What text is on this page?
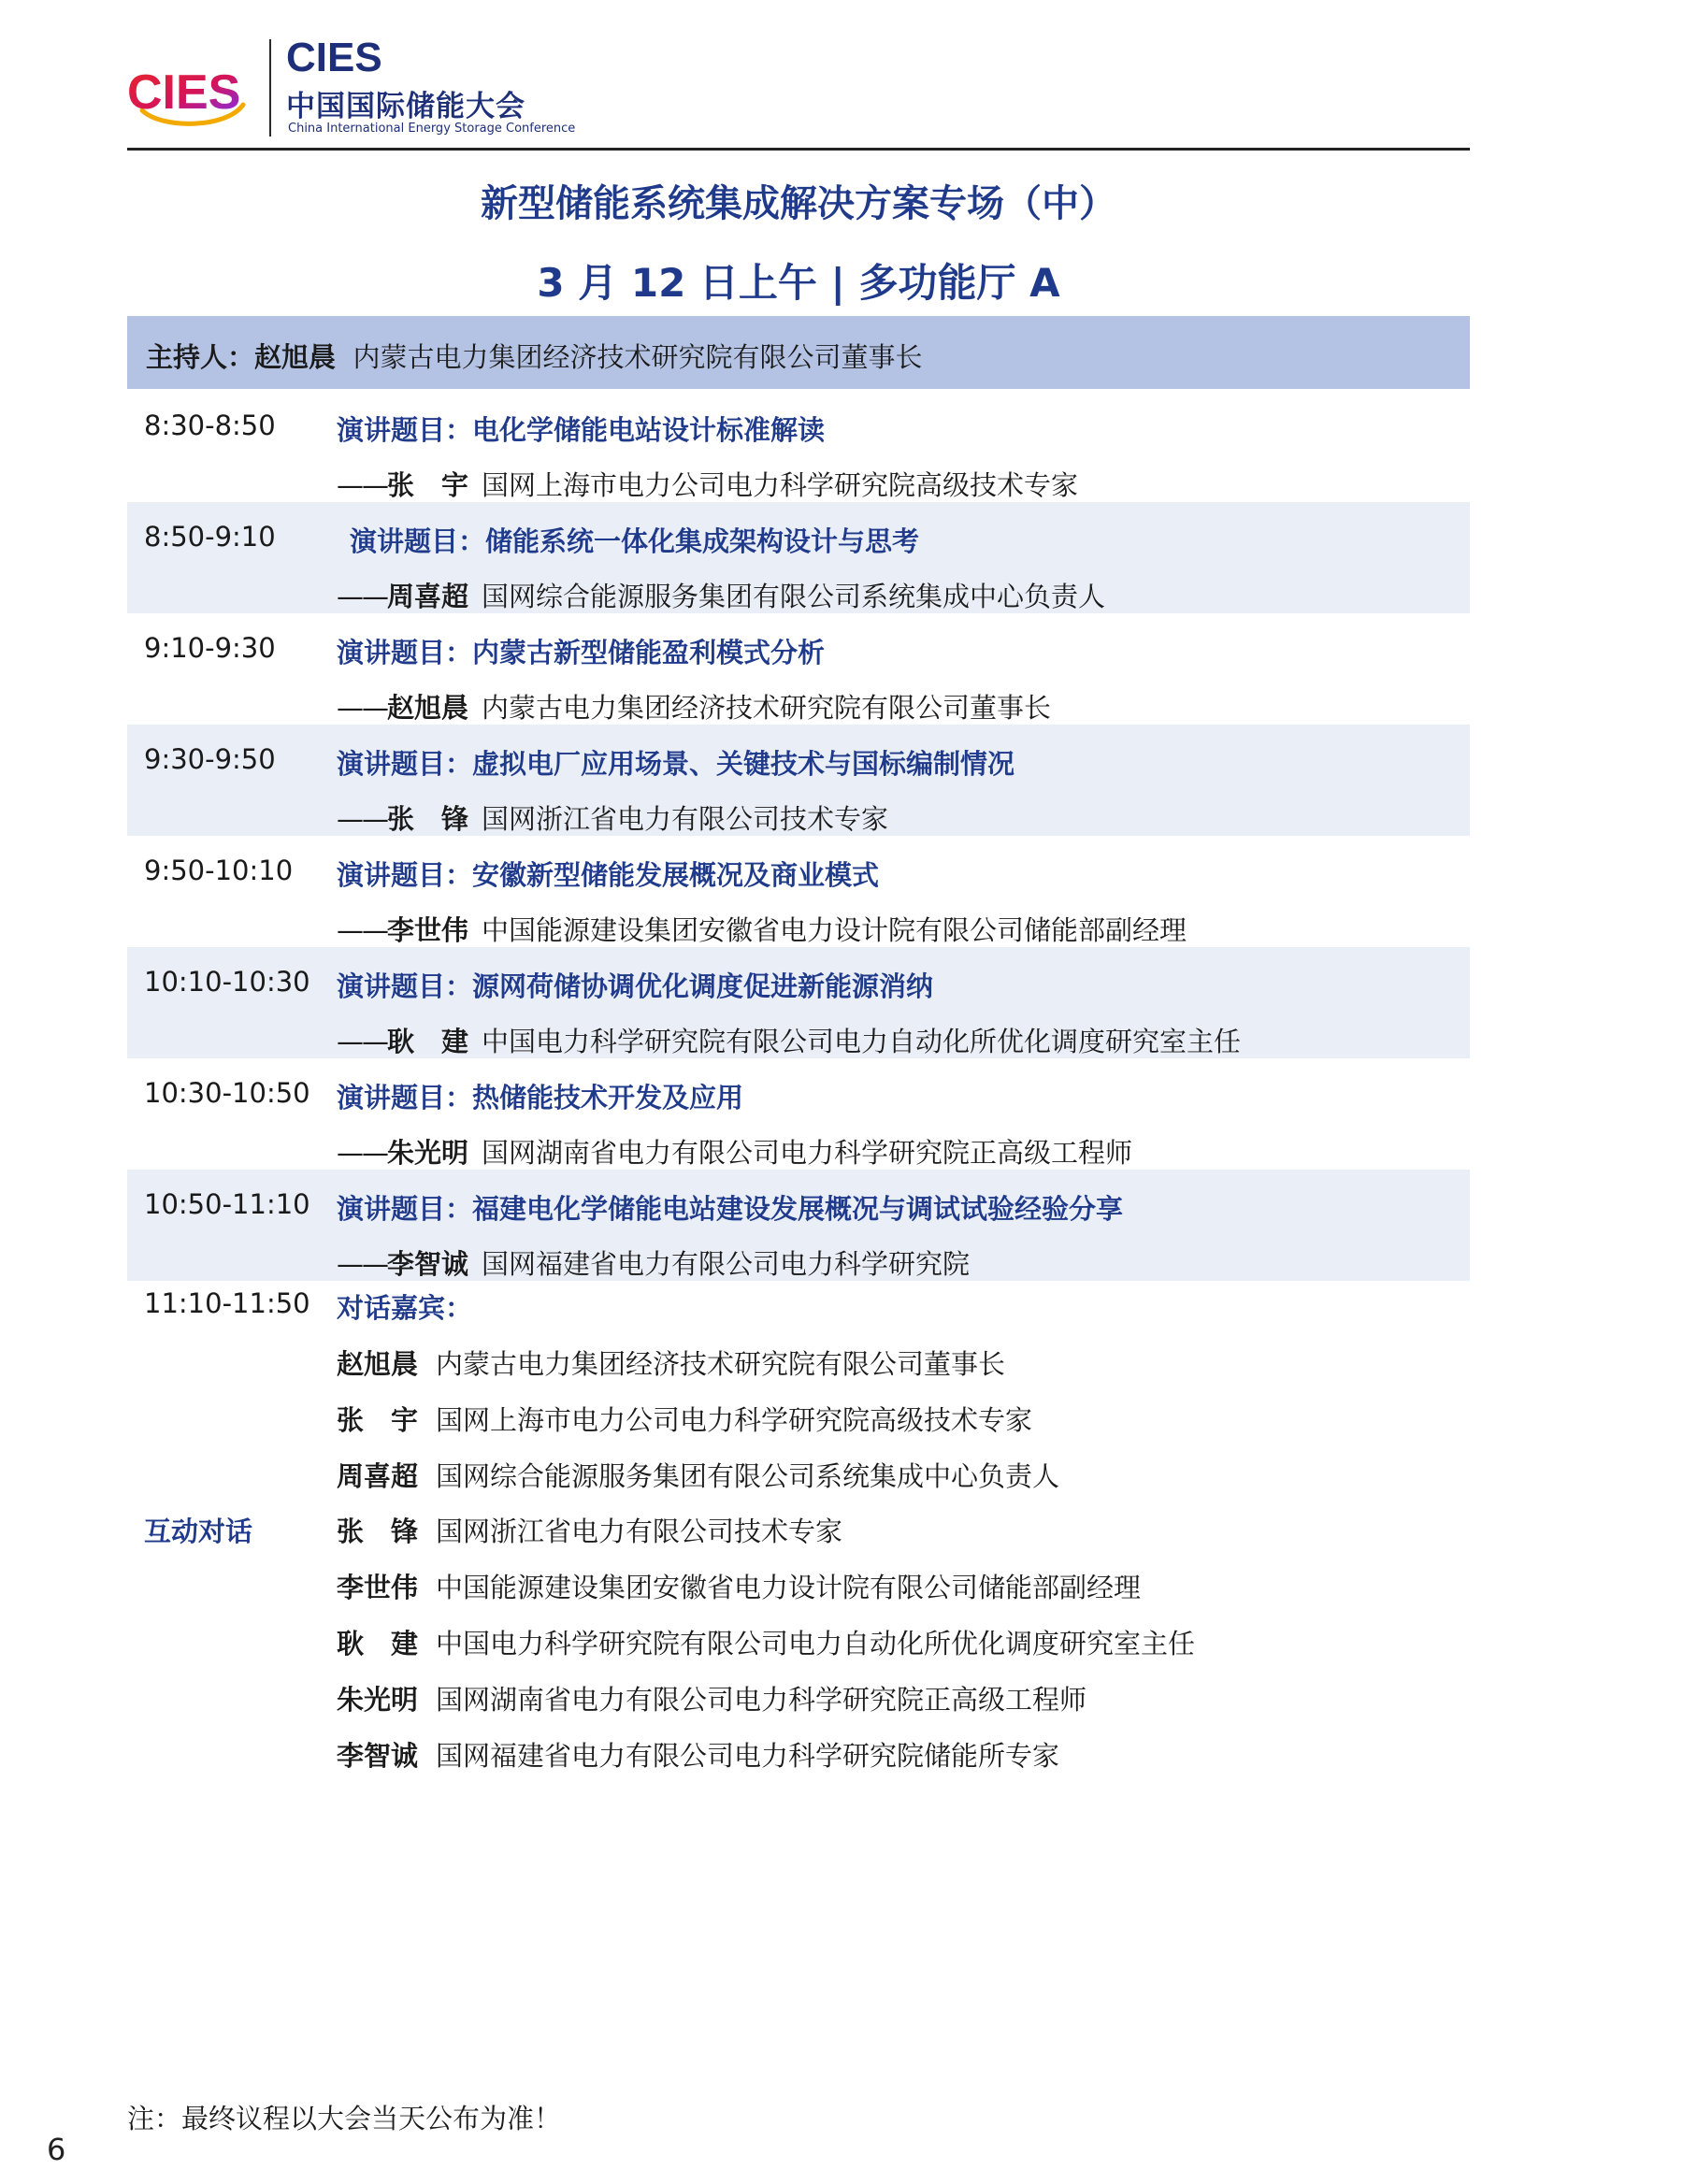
CIES
CIES
中国国际储能大会
China International Energy Storage Conference
新型储能系统集成解决方案专场（中）
3 月 12 日上午 | 多功能厅 A
主持人：赵旭晨 内蒙古电力集团经济技术研究院有限公司董事长
8:30-8:50 演讲题目：电化学储能电站设计标准解读
——张　宇 国网上海市电力公司电力科学研究院高级技术专家
8:50-9:10	演讲题目：储能系统一体化集成架构设计与思考
——周喜超 国网综合能源服务集团有限公司系统集成中心负责人
9:10-9:30 演讲题目：内蒙古新型储能盈利模式分析
——赵旭晨 内蒙古电力集团经济技术研究院有限公司董事长
9:30-9:50 演讲题目：虚拟电厂应用场景、关键技术与国标编制情况
——张　锋 国网浙江省电力有限公司技术专家
9:50-10:10 演讲题目：安徽新型储能发展概况及商业模式
——李世伟 中国能源建设集团安徽省电力设计院有限公司储能部副经理
10:10-10:30 演讲题目：源网荷储协调优化调度促进新能源消纳
——耿　建 中国电力科学研究院有限公司电力自动化所优化调度研究室主任
10:30-10:50 演讲题目：热储能技术开发及应用
——朱光明 国网湖南省电力有限公司电力科学研究院正高级工程师
10:50-11:10 演讲题目：福建电化学储能电站建设发展概况与调试试验经验分享
——李智诚 国网福建省电力有限公司电力科学研究院
11:10-11:50 对话嘉宾：
互动对话
赵旭晨 内蒙古电力集团经济技术研究院有限公司董事长
张　宇 国网上海市电力公司电力科学研究院高级技术专家
周喜超 国网综合能源服务集团有限公司系统集成中心负责人
张　锋 国网浙江省电力有限公司技术专家
李世伟 中国能源建设集团安徽省电力设计院有限公司储能部副经理
耿　建 中国电力科学研究院有限公司电力自动化所优化调度研究室主任
朱光明 国网湖南省电力有限公司电力科学研究院正高级工程师
李智诚 国网福建省电力有限公司电力科学研究院储能所专家
注：最终议程以大会当天公布为准！
6
